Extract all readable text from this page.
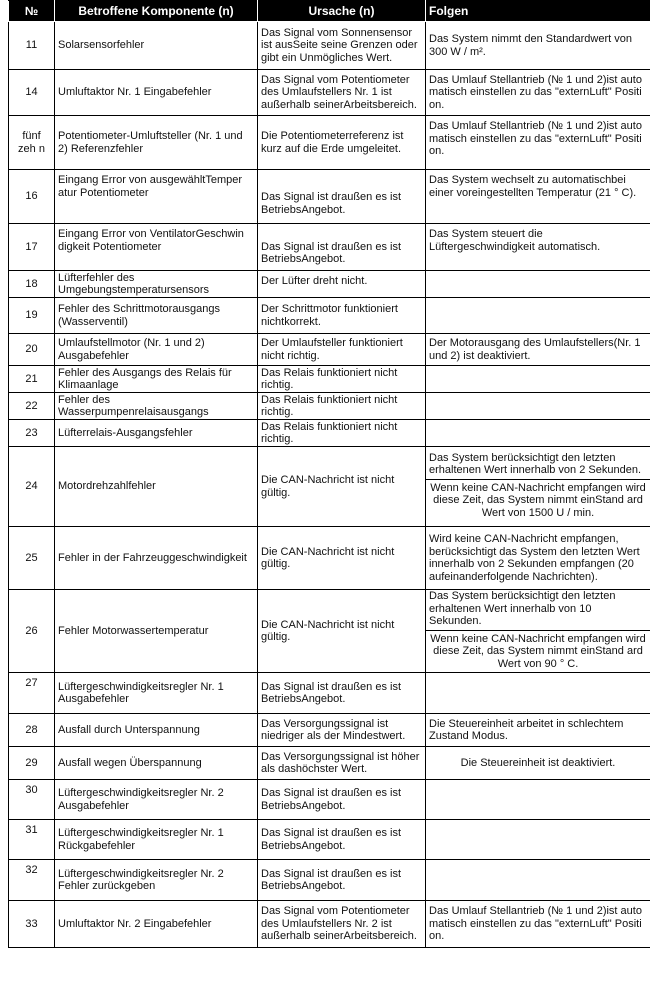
№	Betroffene Komponente (n)	Ursache (n)	Folgen
11	Solarsensorfehler	Das Signal vom Sonnensensor ist ausSeite seine Grenzen oder gibt ein Unmögliches Wert.	Das System nimmt den Standardwert von 300 W / m².
14	Umluftaktor Nr. 1 Eingabefehler	Das Signal vom Potentiometer des Umlaufstellers Nr. 1 ist außerhalb seinerArbeitsbereich.	Das Umlauf Stellantrieb (№ 1 und 2)ist auto matisch einstellen zu das "externLuft" Positi on.
fünf zeh n	Potentiometer-Umluftsteller (Nr. 1 und 2) Referenzfehler	Die Potentiometerreferenz ist kurz auf die Erde umgeleitet.	Das Umlauf Stellantrieb (№ 1 und 2)ist auto matisch einstellen zu das "externLuft" Positi on.
16	Eingang Error von ausgewähltTemper atur Potentiometer	Das Signal ist draußen es ist BetriebsAngebot.	Das System wechselt zu automatischbei einer voreingestellten Temperatur (21 ° C).
17	Eingang Error von VentilatorGeschwin digkeit Potentiometer	Das Signal ist draußen es ist BetriebsAngebot.	Das System steuert die Lüftergeschwindigkeit automatisch.
18	Lüfterfehler des Umgebungstemperatursensors	Der Lüfter dreht nicht.	
19	Fehler des Schrittmotorausgangs (Wasserventil)	Der Schrittmotor funktioniert nichtkorrekt.	
20	Umlaufstellmotor (Nr. 1 und 2) Ausgabefehler	Der Umlaufsteller funktioniert nicht richtig.	Der Motorausgang des Umlaufstellers(Nr. 1 und 2) ist deaktiviert.
21	Fehler des Ausgangs des Relais für Klimaanlage	Das Relais funktioniert nicht richtig.	
22	Fehler des Wasserpumpenrelaisausgangs	Das Relais funktioniert nicht richtig.	
23	Lüfterrelais-Ausgangsfehler	Das Relais funktioniert nicht richtig.	
24	Motordrehzahlfehler	Die CAN-Nachricht ist nicht gültig.	Das System berücksichtigt den letzten erhaltenen Wert innerhalb von 2 Sekunden.
Wenn keine CAN-Nachricht empfangen wird diese Zeit, das System nimmt einStand ard Wert von 1500 U / min.

25	Fehler in der Fahrzeuggeschwindigkeit	Die CAN-Nachricht ist nicht gültig.	Wird keine CAN-Nachricht empfangen, berücksichtigt das System den letzten Wert innerhalb von 2 Sekunden empfangen (20 aufeinanderfolgende Nachrichten).
26	Fehler Motorwassertemperatur	Die CAN-Nachricht ist nicht gültig.	Das System berücksichtigt den letzten erhaltenen Wert innerhalb von 10 Sekunden.
Wenn keine CAN-Nachricht empfangen wird diese Zeit, das System nimmt einStand ard Wert von 90 ° C.

27	Lüftergeschwindigkeitsregler Nr. 1 Ausgabefehler	Das Signal ist draußen es ist BetriebsAngebot.	
28	Ausfall durch Unterspannung	Das Versorgungssignal ist niedriger als der Mindestwert.	Die Steuereinheit arbeitet in schlechtem Zustand Modus.
29	Ausfall wegen Überspannung	Das Versorgungssignal ist höher als dashöchster Wert.	Die Steuereinheit ist deaktiviert.
30	Lüftergeschwindigkeitsregler Nr. 2 Ausgabefehler	Das Signal ist draußen es ist BetriebsAngebot.	
31	Lüftergeschwindigkeitsregler Nr. 1 Rückgabefehler	Das Signal ist draußen es ist BetriebsAngebot.	
32	Lüftergeschwindigkeitsregler Nr. 2 Fehler zurückgeben	Das Signal ist draußen es ist BetriebsAngebot.	
33	Umluftaktor Nr. 2 Eingabefehler	Das Signal vom Potentiometer des Umlaufstellers Nr. 2 ist außerhalb seinerArbeitsbereich.	Das Umlauf Stellantrieb (№ 1 und 2)ist auto matisch einstellen zu das "externLuft" Positi on.
